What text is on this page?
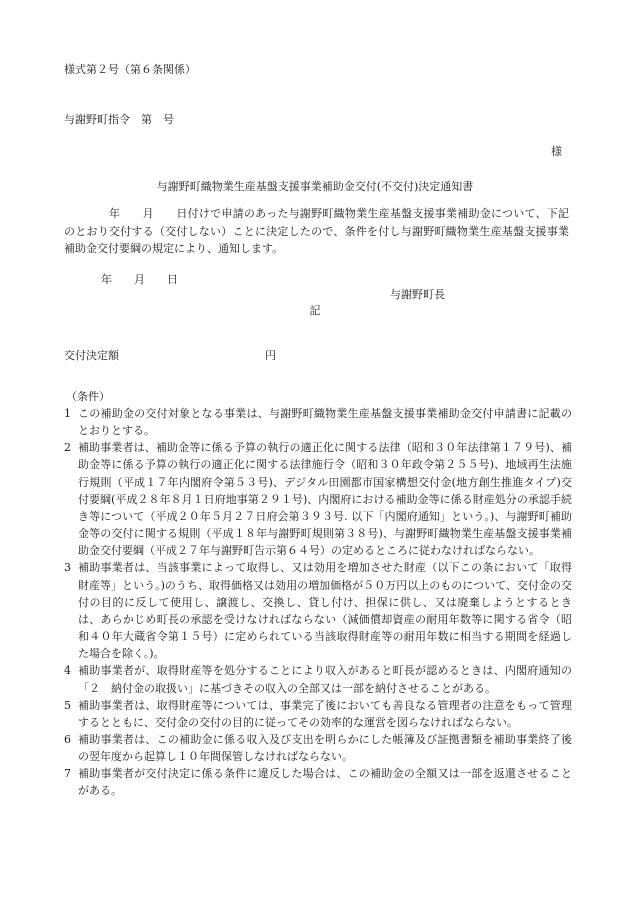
様式第２号（第６条関係）
与謝野町指令　第　号
様
与謝野町織物業生産基盤支援事業補助金交付(不交付)決定通知書

　　　　年　　月　　日付けで申請のあった与謝野町織物業生産基盤支援事業補助金について、下記のとおり交付する（交付しない）ことに決定したので、条件を付し与謝野町織物業生産基盤支援事業補助金交付要綱の規定により、通知します。

年　　月　　日
与謝野町長
記
交付決定額	円
（条件）
1 この補助金の交付対象となる事業は、与謝野町織物業生産基盤支援事業補助金交付申請書に記載のとおりとする。
2 補助事業者は、補助金等に係る予算の執行の適正化に関する法律（昭和３０年法律第１７９号)、補助金等に係る予算の執行の適正化に関する法律施行令（昭和３０年政令第２５５号)、地域再生法施行規則（平成１７年内閣府令第５３号)、デジタル田園都市国家構想交付金(地方創生推進タイプ)交付要綱(平成２８年８月１日府地事第２９１号)、内閣府における補助金等に係る財産処分の承認手続き等について（平成２０年５月２７日府会第３９３号. 以下「内閣府通知」という。)、与謝野町補助金等の交付に関する規則（平成１８年与謝野町規則第３８号)、与謝野町織物業生産基盤支援事業補助金交付要綱（平成２７年与謝野町告示第６４号）の定めるところに従わなければならない。
3 補助事業者は、当該事業によって取得し、又は効用を増加させた財産（以下この条において「取得財産等」という。)のうち、取得価格又は効用の増加価格が５０万円以上のものについて、交付金の交付の目的に反して使用し、譲渡し、交換し、貸し付け、担保に供し、又は廃棄しようとするときは、あらかじめ町長の承認を受けなければならない（減価償却資産の耐用年数等に関する省令（昭和４０年大蔵省令第１５号）に定められている当該取得財産等の耐用年数に相当する期間を経過した場合を除く。)。
4 補助事業者が、取得財産等を処分することにより収入があると町長が認めるときは、内閣府通知の「２　納付金の取扱い」に基づきその収入の全部又は一部を納付させることがある。
5 補助事業者は、取得財産等については、事業完了後においても善良なる管理者の注意をもって管理するとともに、交付金の交付の目的に従ってその効率的な運営を図らなければならない。
6 補助事業者は、この補助金に係る収入及び支出を明らかにした帳簿及び証拠書類を補助事業終了後の翌年度から起算し１０年間保管しなければならない。
7 補助事業者が交付決定に係る条件に違反した場合は、この補助金の全額又は一部を返還させることがある。
